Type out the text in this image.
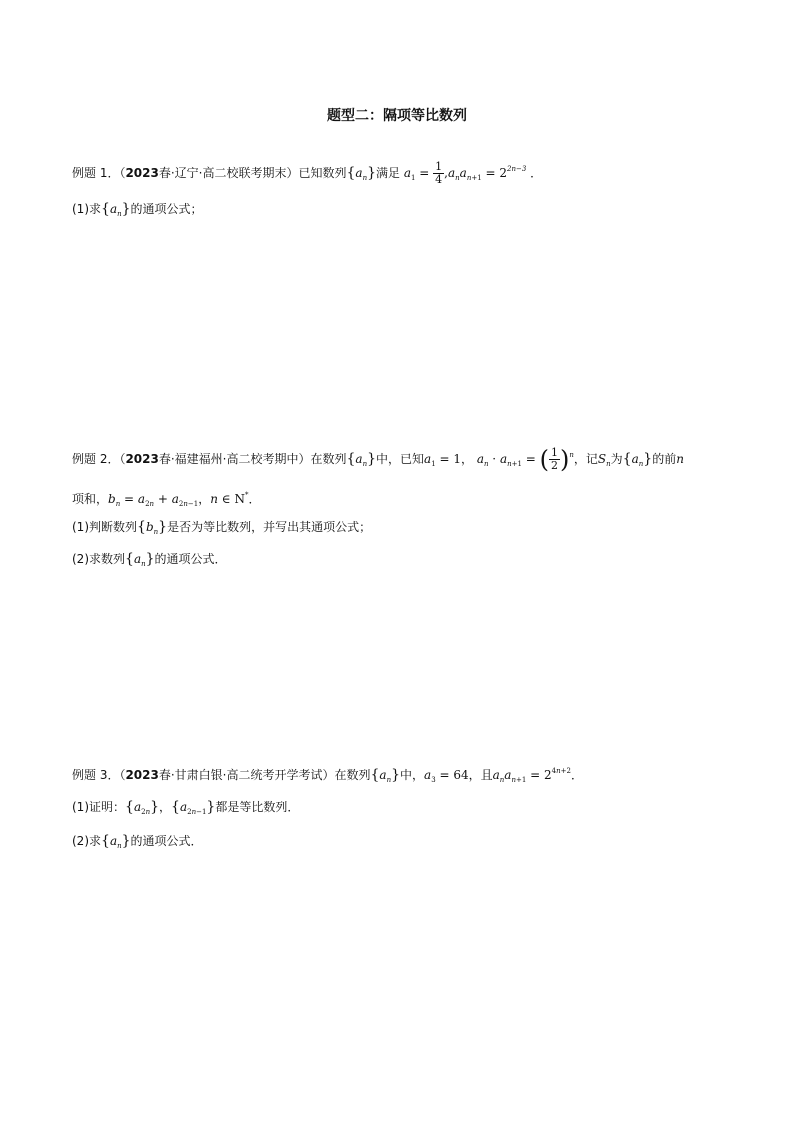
题型二：隔项等比数列
例题 1．（2023春·辽宁·高二校联考期末）已知数列$\{a_n\}$满足 $a_1 = \frac{1}{4} ,a_na_{n+1} = 2^{2n-3}$ ．
(1)求$\{a_n\}$的通项公式；
例题 2．（2023春·福建福州·高二校考期中）在数列$\{a_n\}$中，已知$a_1 = 1$， $a_n \cdot a_{n+1}$ = ( $\frac{1}{2} )^n$，记$S_n$为$\{a_n\}$的前n
项和，$b_n = a_{2n} + a_{2n-1}$，n ∈ N*．
(1)判断数列$\{b_n\}$是否为等比数列，并写出其通项公式；
(2)求数列$\{a_n\}$的通项公式．
例题 3．（2023春·甘肃白银·高二统考开学考试）在数列$\{a_n\}$中，$a_3 = 64$，且$a_na_{n+1} = 2^{4n+2}$．
(1)证明：$\{a_{2n}\}$，$\{a_{2n-1}\}$都是等比数列．
(2)求$\{a_n\}$的通项公式．
